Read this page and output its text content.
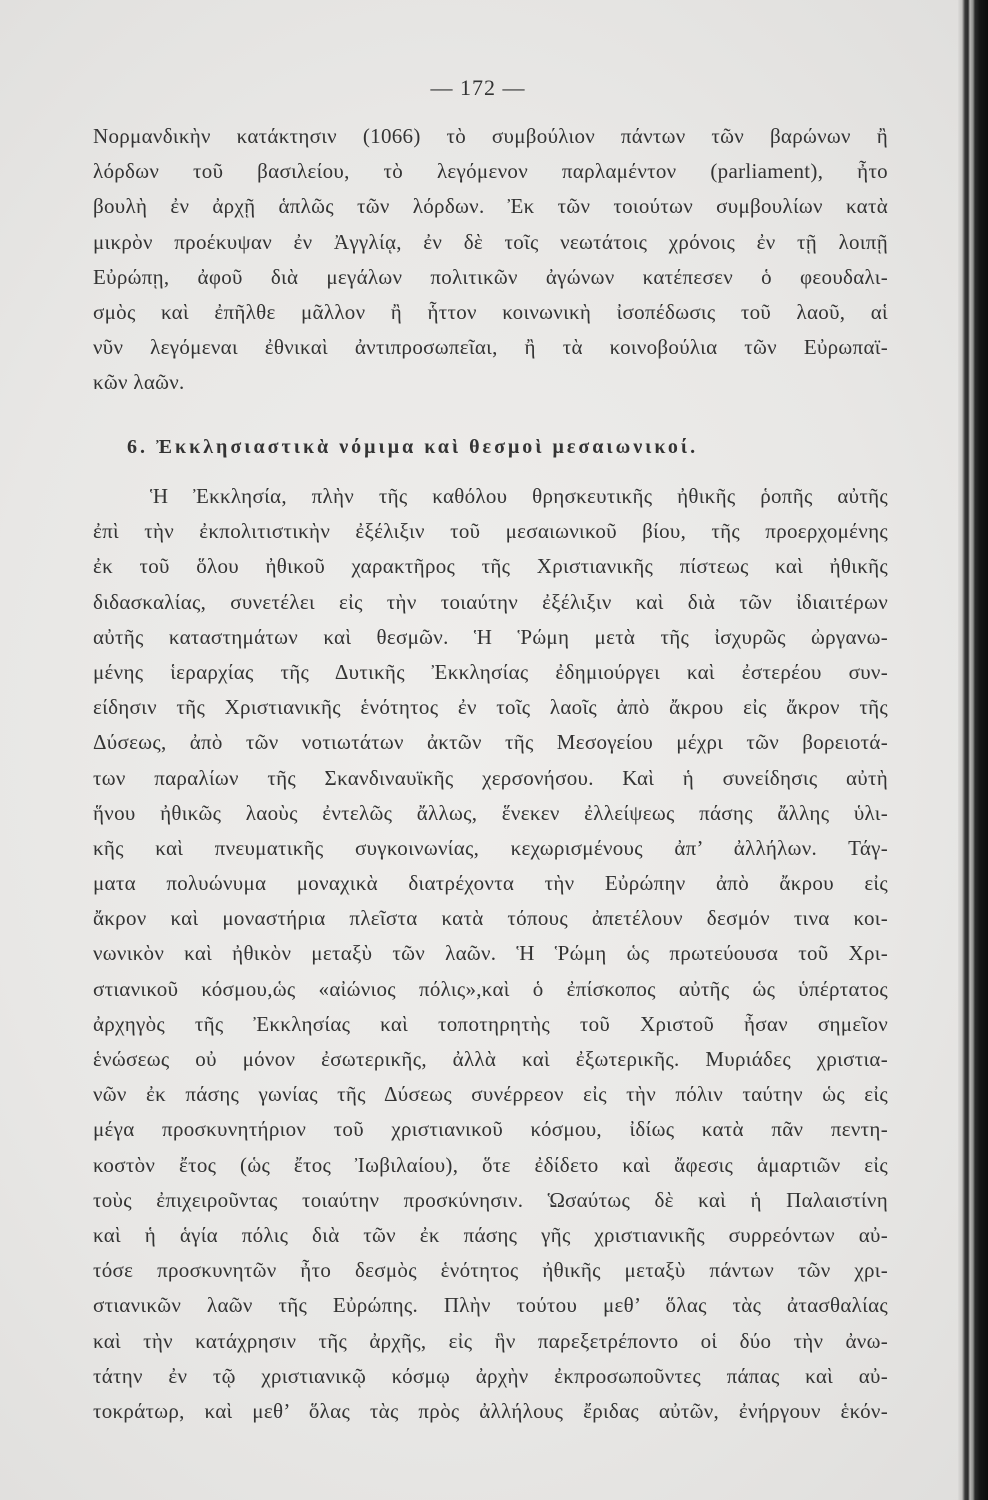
— 172 —
Νορμανδικὴν κατάκτησιν (1066) τὸ συμβούλιον πάντων τῶν βαρώνων ἢ
λόρδων τοῦ βασιλείου, τὸ λεγόμενον παρλαμέντον (parliament), ἦτο
βουλὴ ἐν ἀρχῇ ἁπλῶς τῶν λόρδων. Ἐκ τῶν τοιούτων συμβουλίων κατὰ
μικρὸν προέκυψαν ἐν Ἀγγλίᾳ, ἐν δὲ τοῖς νεωτάτοις χρόνοις ἐν τῇ λοιπῇ
Εὐρώπῃ, ἀφοῦ διὰ μεγάλων πολιτικῶν ἀγώνων κατέπεσεν ὁ φεουδαλι-
σμὸς καὶ ἐπῆλθε μᾶλλον ἢ ἧττον κοινωνικὴ ἰσοπέδωσις τοῦ λαοῦ, αἱ
νῦν λεγόμεναι ἐθνικαὶ ἀντιπροσωπεῖαι, ἢ τὰ κοινοβούλια τῶν Εὐρωπαϊ-
κῶν λαῶν.
6. Ἐκκλησιαστικὰ νόμιμα καὶ θεσμοὶ μεσαιωνικοί.
Ἡ Ἐκκλησία, πλὴν τῆς καθόλου θρησκευτικῆς ἠθικῆς ῥοπῆς αὐτῆς
ἐπὶ τὴν ἐκπολιτιστικὴν ἐξέλιξιν τοῦ μεσαιωνικοῦ βίου, τῆς προερχομένης
ἐκ τοῦ ὅλου ἠθικοῦ χαρακτῆρος τῆς Χριστιανικῆς πίστεως καὶ ἠθικῆς
διδασκαλίας, συνετέλει εἰς τὴν τοιαύτην ἐξέλιξιν καὶ διὰ τῶν ἰδιαιτέρων
αὐτῆς καταστημάτων καὶ θεσμῶν. Ἡ Ῥώμη μετὰ τῆς ἰσχυρῶς ὠργανω-
μένης ἱεραρχίας τῆς Δυτικῆς Ἐκκλησίας ἐδημιούργει καὶ ἐστερέου συν-
είδησιν τῆς Χριστιανικῆς ἑνότητος ἐν τοῖς λαοῖς ἀπὸ ἄκρου εἰς ἄκρον τῆς
Δύσεως, ἀπὸ τῶν νοτιωτάτων ἀκτῶν τῆς Μεσογείου μέχρι τῶν βορειοτά-
των παραλίων τῆς Σκανδιναυϊκῆς χερσονήσου. Καὶ ἡ συνείδησις αὐτὴ
ἥνου ἠθικῶς λαοὺς ἐντελῶς ἄλλως, ἕνεκεν ἐλλείψεως πάσης ἄλλης ὑλι-
κῆς καὶ πνευματικῆς συγκοινωνίας, κεχωρισμένους ἀπ’ ἀλλήλων. Τάγ-
ματα πολυώνυμα μοναχικὰ διατρέχοντα τὴν Εὐρώπην ἀπὸ ἄκρου εἰς
ἄκρον καὶ μοναστήρια πλεῖστα κατὰ τόπους ἀπετέλουν δεσμόν τινα κοι-
νωνικὸν καὶ ἠθικὸν μεταξὺ τῶν λαῶν. Ἡ Ῥώμη ὡς πρωτεύουσα τοῦ Χρι-
στιανικοῦ κόσμου,ὡς «αἰώνιος πόλις»,καὶ ὁ ἐπίσκοπος αὐτῆς ὡς ὑπέρτατος
ἀρχηγὸς τῆς Ἐκκλησίας καὶ τοποτηρητὴς τοῦ Χριστοῦ ἦσαν σημεῖον
ἑνώσεως οὐ μόνον ἐσωτερικῆς, ἀλλὰ καὶ ἐξωτερικῆς. Μυριάδες χριστια-
νῶν ἐκ πάσης γωνίας τῆς Δύσεως συνέρρεον εἰς τὴν πόλιν ταύτην ὡς εἰς
μέγα προσκυνητήριον τοῦ χριστιανικοῦ κόσμου, ἰδίως κατὰ πᾶν πεντη-
κοστὸν ἔτος (ὡς ἔτος Ἰωβιλαίου), ὅτε ἐδίδετο καὶ ἄφεσις ἁμαρτιῶν εἰς
τοὺς ἐπιχειροῦντας τοιαύτην προσκύνησιν. Ὡσαύτως δὲ καὶ ἡ Παλαιστίνη
καὶ ἡ ἁγία πόλις διὰ τῶν ἐκ πάσης γῆς χριστιανικῆς συρρεόντων αὐ-
τόσε προσκυνητῶν ἦτο δεσμὸς ἑνότητος ἠθικῆς μεταξὺ πάντων τῶν χρι-
στιανικῶν λαῶν τῆς Εὐρώπης. Πλὴν τούτου μεθ’ ὅλας τὰς ἀτασθαλίας
καὶ τὴν κατάχρησιν τῆς ἀρχῆς, εἰς ἣν παρεξετρέποντο οἱ δύο τὴν ἀνω-
τάτην ἐν τῷ χριστιανικῷ κόσμῳ ἀρχὴν ἐκπροσωποῦντες πάπας καὶ αὐ-
τοκράτωρ, καὶ μεθ’ ὅλας τὰς πρὸς ἀλλήλους ἔριδας αὐτῶν, ἐνήργουν ἑκόν-
